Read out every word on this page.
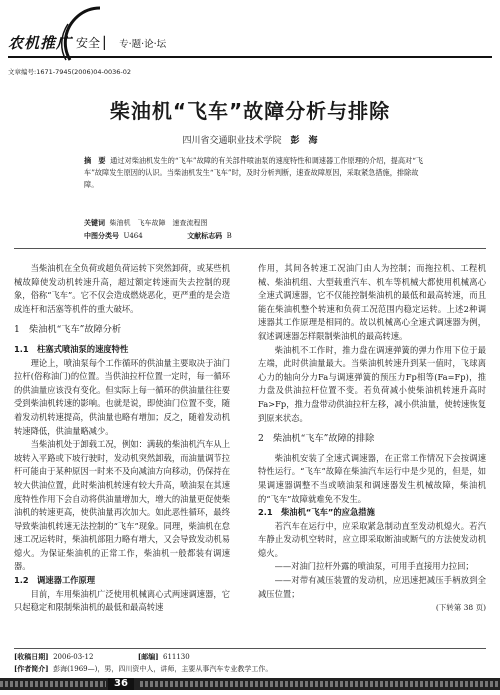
农机推广 安全 ▏ 专·题·论·坛
文章编号:1671-7945(2006)04-0036-02
柴油机“飞车”故障分析与排除
四川省交通职业技术学院 彭　海
摘　要 通过对柴油机发生的“飞车”故障的有关部件喷油泵的速度特性和调速器工作原理的介绍，提高对“飞车”故障发生原因的认识。当柴油机发生“飞车”时，及时分析判断，速查故障原因，采取紧急措施，排除故障。
关键词 柴油机　飞车故障　速查流程图
中图分类号 U464	文献标志码 B

当柴油机在全负荷或超负荷运转下突然卸荷，或某些机械故障使发动机转速升高，超过额定转速而失去控制的现象，俗称“飞车”。它不仅会造成燃烧恶化，更严重的是会造成连杆和活塞等机件的重大破坏。

1　柴油机“飞车”故障分析

1.1　柱塞式喷油泵的速度特性

理论上，喷油泵每个工作循环的供油量主要取决于油门拉杆(俗称油门)的位置。当供油拉杆位置一定时，每一循环的供油量应该没有变化。但实际上每一循环的供油量往往要受到柴油机转速的影响。也就是说，即使油门位置不变，随着发动机转速提高，供油量也略有增加；反之，随着发动机转速降低，供油量略减少。

当柴油机处于卸载工况，例如：满载的柴油机汽车从上坡转入平路或下坡行驶时，发动机突然卸载，而油量调节拉杆可能由于某种原因一时来不及向减油方向移动，仍保持在较大供油位置，此时柴油机转速有较大升高，喷油泵在其速度特性作用下会自动将供油量增加大，增大的油量更促使柴油机的转速更高，使供油量再次加大。如此恶性循环，最终导致柴油机转速无法控制的“飞车”现象。同理，柴油机在怠速工况运转时，柴油机部阻力略有增大，又会导致发动机易熄火。为保证柴油机的正常工作，柴油机一般都装有调速器。

1.2　调速器工作原理

目前，车用柴油机广泛使用机械离心式两速调速器，它只起稳定和限制柴油机的最低和最高转速

作用，其间各转速工况油门由人为控制；而拖拉机、工程机械、柴油机组、大型载重汽车、机车等机械大都使用机械离心全速式调速器，它不仅能控制柴油机的最低和最高转速，而且能在柴油机整个转速和负荷工况范围内稳定运转。上述2种调速器其工作原理是相同的。故以机械离心全速式调速器为例，叙述调速器怎样限制柴油机的最高转速。

柴油机不工作时，推力盘在调速弹簧的弹力作用下位于最左端，此时供油量最大。当柴油机转速升到某一值时，飞球离心力的轴向分力Fa与调速弹簧的预压力Fp相等(Fa=Fp)，推力盘及供油拉杆位置不变。若负荷减小使柴油机转速升高时Fa>Fp，推力盘带动供油拉杆左移，减小供油量，使转速恢复到原来状态。

2　柴油机“飞车”故障的排除

柴油机安装了全速式调速器，在正常工作情况下会按调速特性运行。“飞车”故障在柴油汽车运行中是少见的，但是，如果调速器调整不当或喷油泵和调速器发生机械故障，柴油机的“飞车”故障就难免不发生。

2.1　柴油机“飞车”的应急措施

若汽车在运行中，应采取紧急制动直至发动机熄火。若汽车静止发动机空转时，应立即采取断油或断气的方法使发动机熄火。

——对油门拉杆外露的喷油泵，可用手直接用力拉回；

——对带有减压装置的发动机，应迅速把减压手柄放到全减压位置；

(下转第 38 页)
[收稿日期] 2006-03-12	[邮编] 611130
[作者简介] 彭海(1969—)，男，四川资中人，讲师，主要从事汽车专业教学工作。
36
